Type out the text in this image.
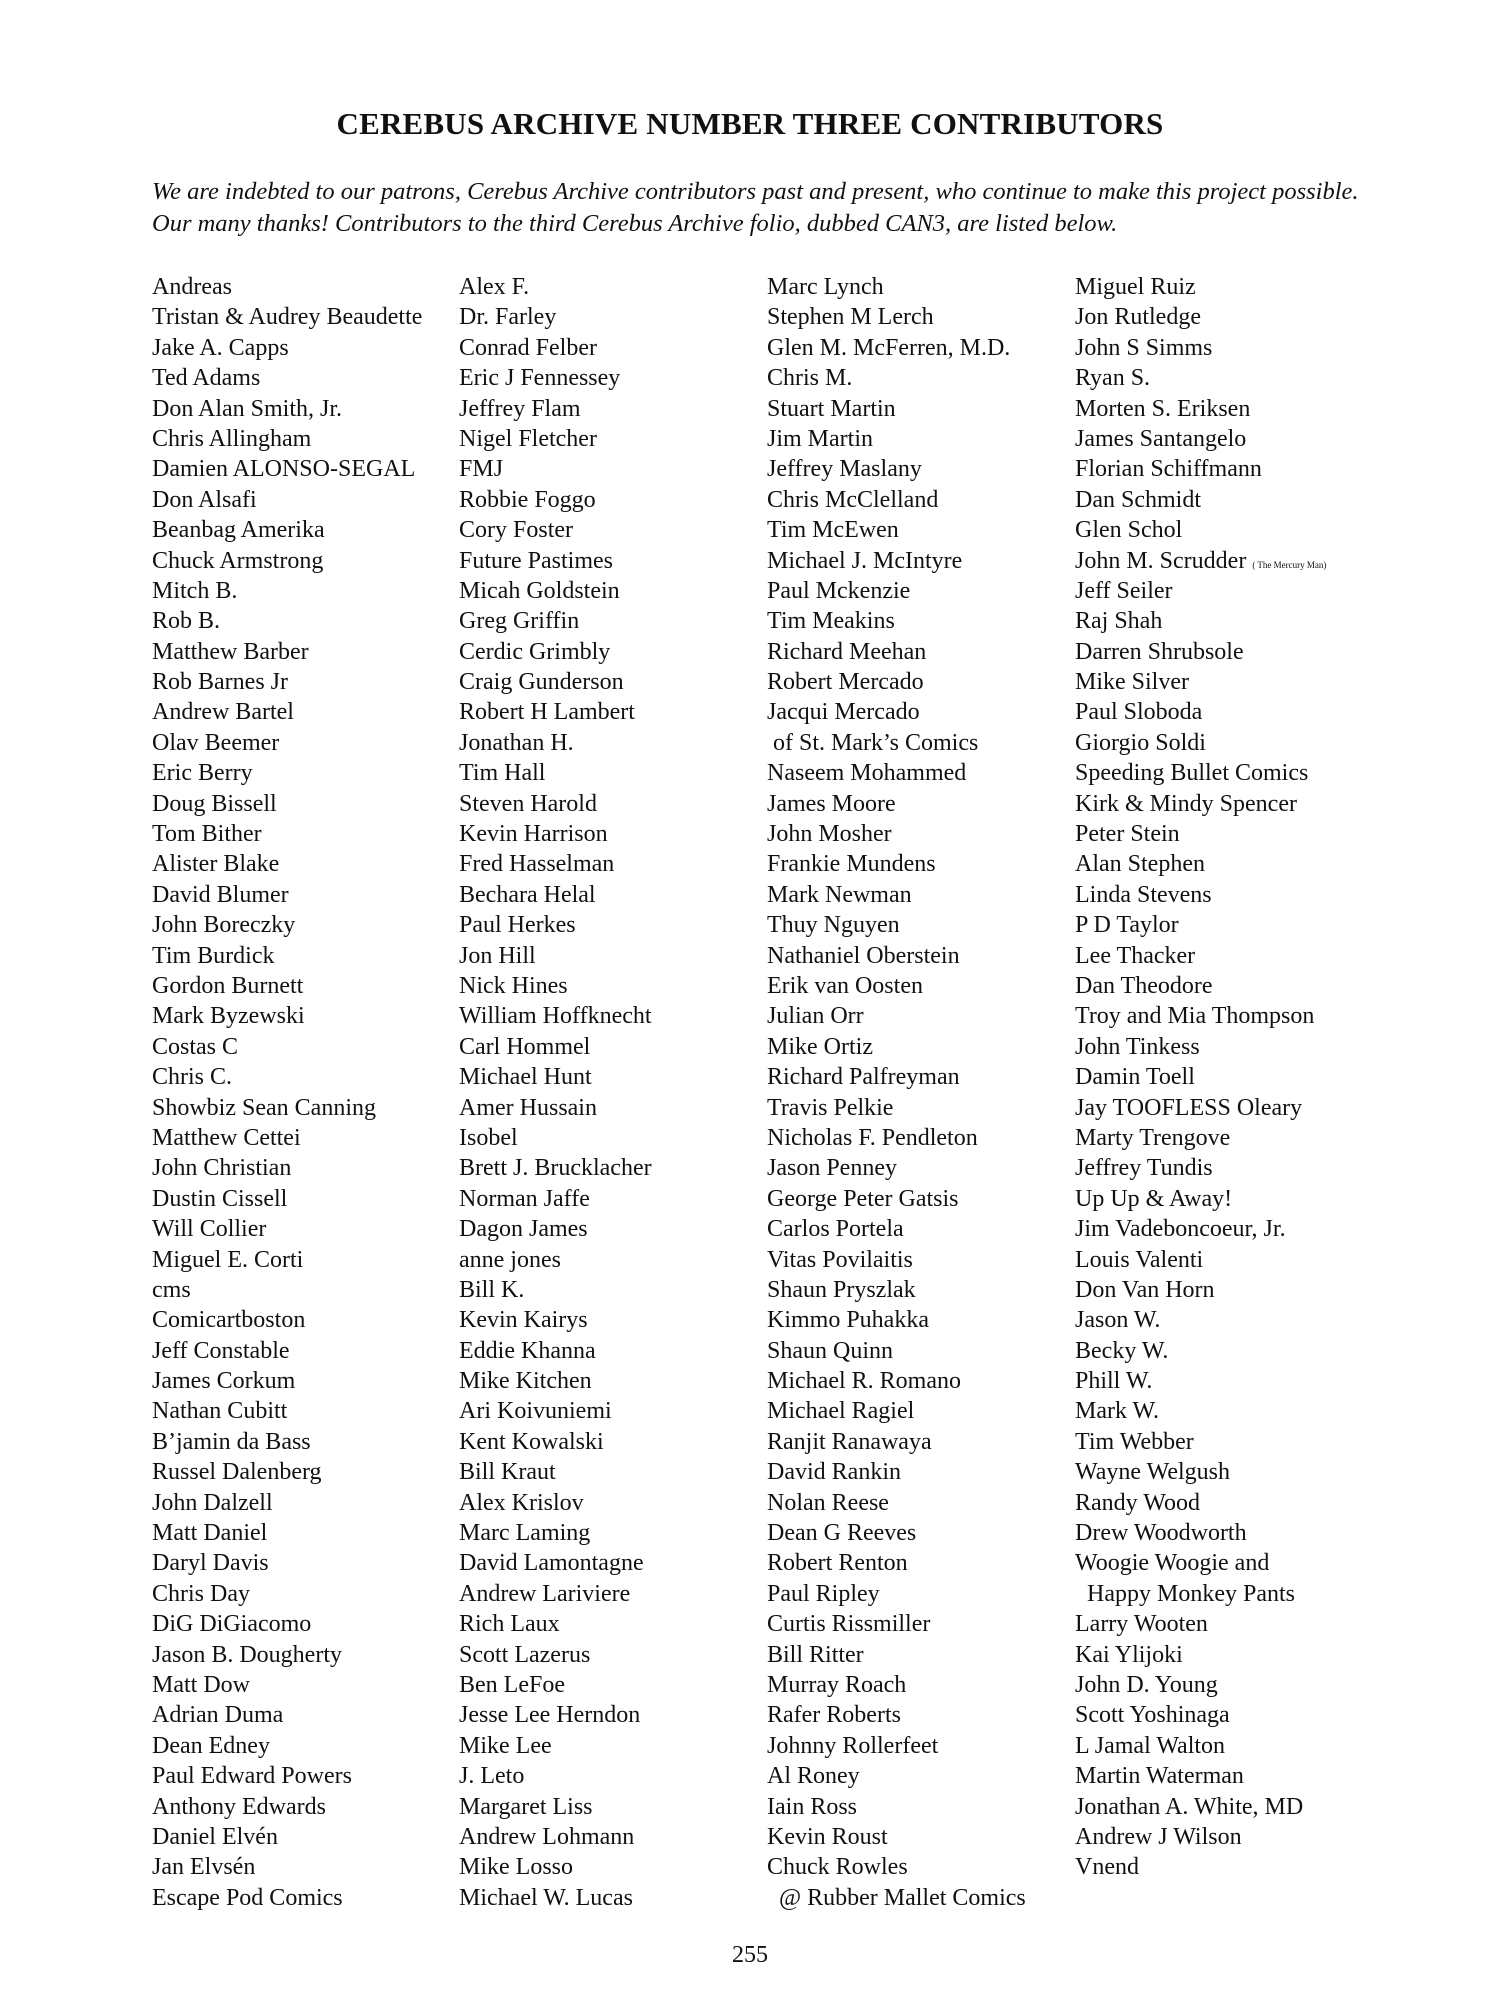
CEREBUS ARCHIVE NUMBER THREE CONTRIBUTORS
We are indebted to our patrons, Cerebus Archive contributors past and present, who continue to make this project possible. Our many thanks! Contributors to the third Cerebus Archive folio, dubbed CAN3, are listed below.
Andreas
Tristan & Audrey Beaudette
Jake A. Capps
Ted Adams
Don Alan Smith, Jr.
Chris Allingham
Damien ALONSO-SEGAL
Don Alsafi
Beanbag Amerika
Chuck Armstrong
Mitch B.
Rob B.
Matthew Barber
Rob Barnes Jr
Andrew Bartel
Olav Beemer
Eric Berry
Doug Bissell
Tom Bither
Alister Blake
David Blumer
John Boreczky
Tim Burdick
Gordon Burnett
Mark Byzewski
Costas C
Chris C.
Showbiz Sean Canning
Matthew Cettei
John Christian
Dustin Cissell
Will Collier
Miguel E. Corti
cms
Comicartboston
Jeff Constable
James Corkum
Nathan Cubitt
B’jamin da Bass
Russel Dalenberg
John Dalzell
Matt Daniel
Daryl Davis
Chris Day
DiG DiGiacomo
Jason B. Dougherty
Matt Dow
Adrian Duma
Dean Edney
Paul Edward Powers
Anthony Edwards
Daniel Elvén
Jan Elvsén
Escape Pod Comics
Alex F.
Dr. Farley
Conrad Felber
Eric J Fennessey
Jeffrey Flam
Nigel Fletcher
FMJ
Robbie Foggo
Cory Foster
Future Pastimes
Micah Goldstein
Greg Griffin
Cerdic Grimbly
Craig Gunderson
Robert H Lambert
Jonathan H.
Tim Hall
Steven Harold
Kevin Harrison
Fred Hasselman
Bechara Helal
Paul Herkes
Jon Hill
Nick Hines
William Hoffknecht
Carl Hommel
Michael Hunt
Amer Hussain
Isobel
Brett J. Brucklacher
Norman Jaffe
Dagon James
anne jones
Bill K.
Kevin Kairys
Eddie Khanna
Mike Kitchen
Ari Koivuniemi
Kent Kowalski
Bill Kraut
Alex Krislov
Marc Laming
David Lamontagne
Andrew Lariviere
Rich Laux
Scott Lazerus
Ben LeFoe
Jesse Lee Herndon
Mike Lee
J. Leto
Margaret Liss
Andrew Lohmann
Mike Losso
Michael W. Lucas
Marc Lynch
Stephen M Lerch
Glen M. McFerren, M.D.
Chris M.
Stuart Martin
Jim Martin
Jeffrey Maslany
Chris McClelland
Tim McEwen
Michael J. McIntyre
Paul Mckenzie
Tim Meakins
Richard Meehan
Robert Mercado
Jacqui Mercado
of St. Mark’s Comics
Naseem Mohammed
James Moore
John Mosher
Frankie Mundens
Mark Newman
Thuy Nguyen
Nathaniel Oberstein
Erik van Oosten
Julian Orr
Mike Ortiz
Richard Palfreyman
Travis Pelkie
Nicholas F. Pendleton
Jason Penney
George Peter Gatsis
Carlos Portela
Vitas Povilaitis
Shaun Pryszlak
Kimmo Puhakka
Shaun Quinn
Michael R. Romano
Michael Ragiel
Ranjit Ranawaya
David Rankin
Nolan Reese
Dean G Reeves
Robert Renton
Paul Ripley
Curtis Rissmiller
Bill Ritter
Murray Roach
Rafer Roberts
Johnny Rollerfeet
Al Roney
Iain Ross
Kevin Roust
Chuck Rowles
@ Rubber Mallet Comics
Miguel Ruiz
Jon Rutledge
John S Simms
Ryan S.
Morten S. Eriksen
James Santangelo
Florian Schiffmann
Dan Schmidt
Glen Schol
John M. Scrudder ( The Mercury Man)
Jeff Seiler
Raj Shah
Darren Shrubsole
Mike Silver
Paul Sloboda
Giorgio Soldi
Speeding Bullet Comics
Kirk & Mindy Spencer
Peter Stein
Alan Stephen
Linda Stevens
P D Taylor
Lee Thacker
Dan Theodore
Troy and Mia Thompson
John Tinkess
Damin Toell
Jay TOOFLESS Oleary
Marty Trengove
Jeffrey Tundis
Up Up & Away!
Jim Vadeboncoeur, Jr.
Louis Valenti
Don Van Horn
Jason W.
Becky W.
Phill W.
Mark W.
Tim Webber
Wayne Welgush
Randy Wood
Drew Woodworth
Woogie Woogie and
Happy Monkey Pants
Larry Wooten
Kai Ylijoki
John D. Young
Scott Yoshinaga
L Jamal Walton
Martin Waterman
Jonathan A. White, MD
Andrew J Wilson
Vnend
255
